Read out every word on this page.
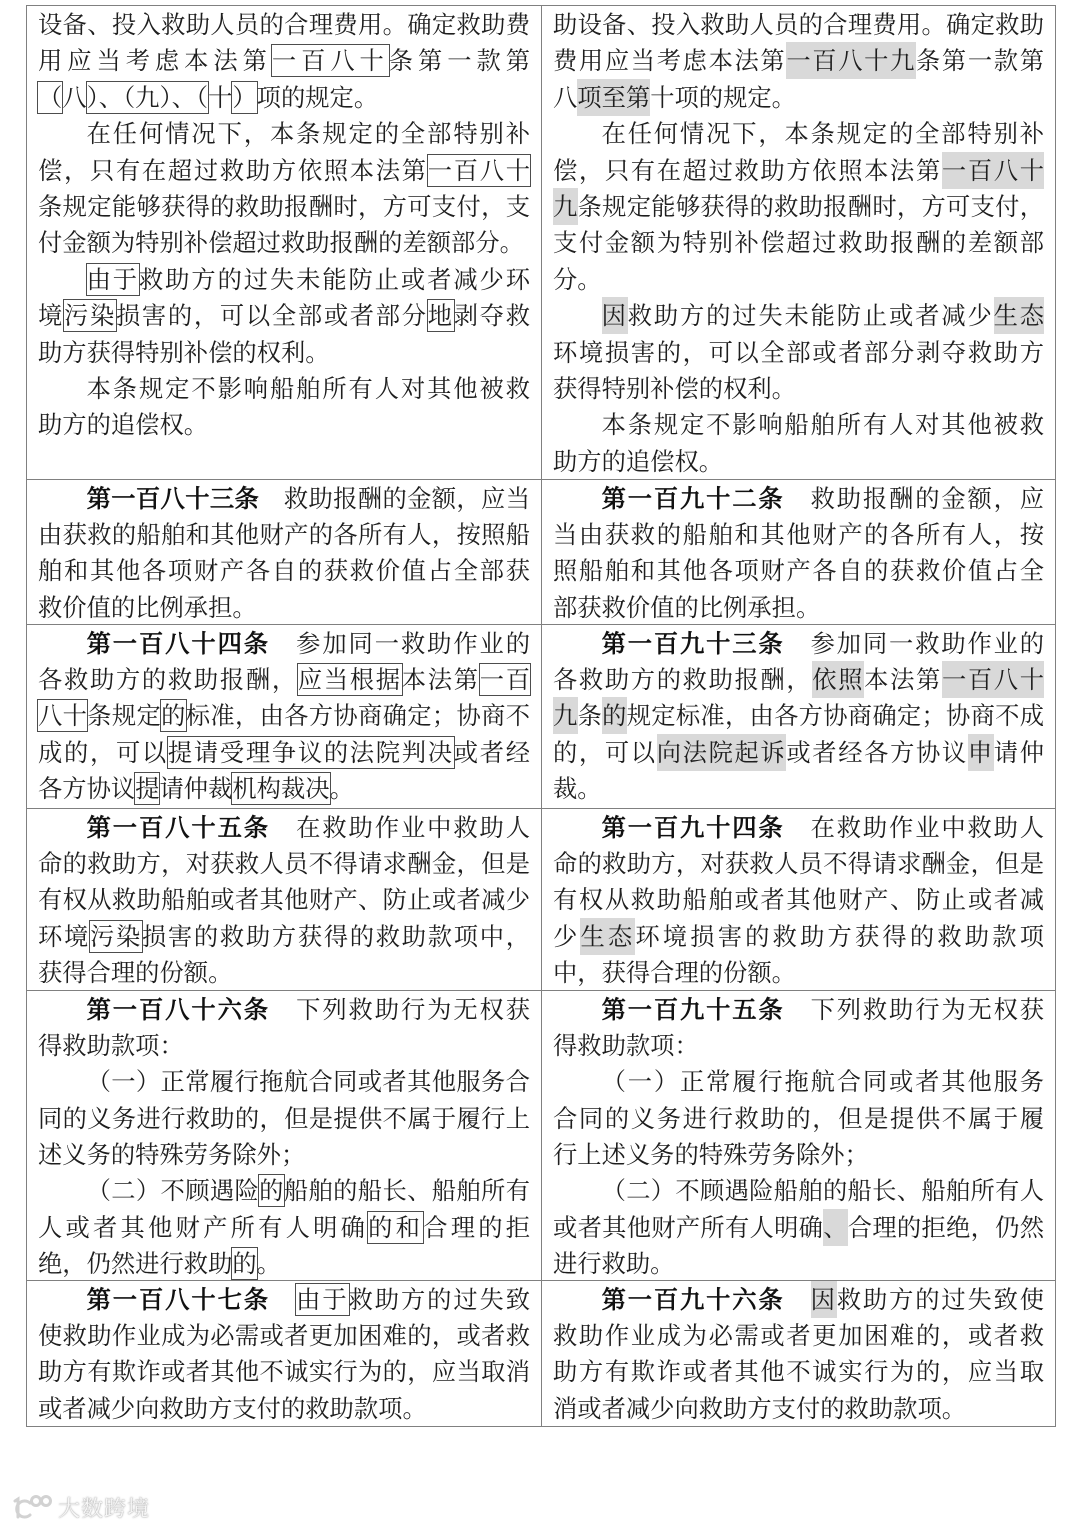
设备、投入救助人员的合理费用。确定救助费
用应当考虑本法第一百八十条第一款第
（八）、（九）、（十）项的规定。
在任何情况下，本条规定的全部特别补
偿，只有在超过救助方依照本法第一百八十
条规定能够获得的救助报酬时，方可支付，支
付金额为特别补偿超过救助报酬的差额部分。
由于救助方的过失未能防止或者减少环
境污染损害的，可以全部或者部分地剥夺救
助方获得特别补偿的权利。
本条规定不影响船舶所有人对其他被救
助方的追偿权。
助设备、投入救助人员的合理费用。确定救助
费用应当考虑本法第一百八十九条第一款第
八项至第十项的规定。
在任何情况下，本条规定的全部特别补
偿，只有在超过救助方依照本法第一百八十
九条规定能够获得的救助报酬时，方可支付，
支付金额为特别补偿超过救助报酬的差额部
分。
因救助方的过失未能防止或者减少生态
环境损害的，可以全部或者部分剥夺救助方
获得特别补偿的权利。
本条规定不影响船舶所有人对其他被救
助方的追偿权。
第一百八十三条　救助报酬的金额，应当
由获救的船舶和其他财产的各所有人，按照船
舶和其他各项财产各自的获救价值占全部获
救价值的比例承担。
第一百九十二条　救助报酬的金额，应
当由获救的船舶和其他财产的各所有人，按
照船舶和其他各项财产各自的获救价值占全
部获救价值的比例承担。
第一百八十四条　参加同一救助作业的
各救助方的救助报酬，应当根据本法第一百
八十条规定的标准，由各方协商确定；协商不
成的，可以提请受理争议的法院判决或者经
各方协议提请仲裁机构裁决。
第一百九十三条　参加同一救助作业的
各救助方的救助报酬，依照本法第一百八十
九条的规定标准，由各方协商确定；协商不成
的，可以向法院起诉或者经各方协议申请仲
裁。
第一百八十五条　在救助作业中救助人
命的救助方，对获救人员不得请求酬金，但是
有权从救助船舶或者其他财产、防止或者减少
环境污染损害的救助方获得的救助款项中，
获得合理的份额。
第一百九十四条　在救助作业中救助人
命的救助方，对获救人员不得请求酬金，但是
有权从救助船舶或者其他财产、防止或者减
少生态环境损害的救助方获得的救助款项
中，获得合理的份额。
第一百八十六条　下列救助行为无权获
得救助款项：
（一）正常履行拖航合同或者其他服务合
同的义务进行救助的，但是提供不属于履行上
述义务的特殊劳务除外；
（二）不顾遇险的船舶的船长、船舶所有
人或者其他财产所有人明确的和合理的拒
绝，仍然进行救助的。
第一百九十五条　下列救助行为无权获
得救助款项：
（一）正常履行拖航合同或者其他服务
合同的义务进行救助的，但是提供不属于履
行上述义务的特殊劳务除外；
（二）不顾遇险船舶的船长、船舶所有人
或者其他财产所有人明确、合理的拒绝，仍然
进行救助。
第一百八十七条　 由于救助方的过失致
使救助作业成为必需或者更加困难的，或者救
助方有欺诈或者其他不诚实行为的，应当取消
或者减少向救助方支付的救助款项。
第一百九十六条　 因救助方的过失致使
救助作业成为必需或者更加困难的，或者救
助方有欺诈或者其他不诚实行为的，应当取
消或者减少向救助方支付的救助款项。
大数跨境
